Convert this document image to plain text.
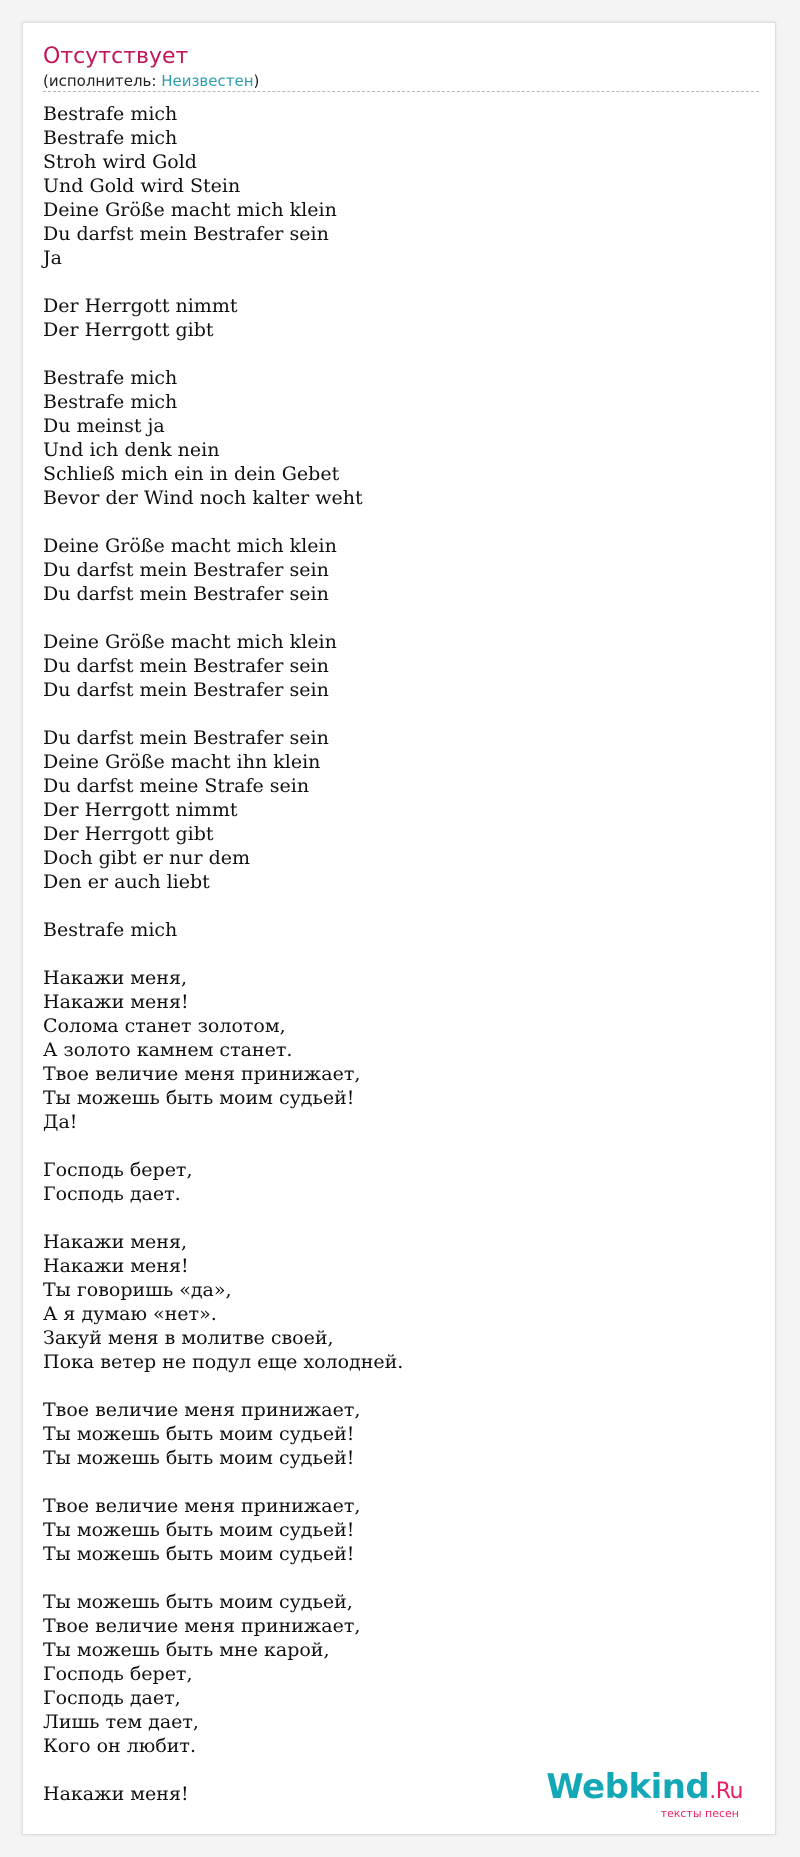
Отсутствует
(исполнитель: Неизвестен)
Bestrafe mich
Bestrafe mich
Stroh wird Gold
Und Gold wird Stein
Deine Größe macht mich klein
Du darfst mein Bestrafer sein
Ja
Der Herrgott nimmt
Der Herrgott gibt
Bestrafe mich
Bestrafe mich
Du meinst ja
Und ich denk nein
Schließ mich ein in dein Gebet
Bevor der Wind noch kalter weht
Deine Größe macht mich klein
Du darfst mein Bestrafer sein
Du darfst mein Bestrafer sein
Deine Größe macht mich klein
Du darfst mein Bestrafer sein
Du darfst mein Bestrafer sein
Du darfst mein Bestrafer sein
Deine Größe macht ihn klein
Du darfst meine Strafe sein
Der Herrgott nimmt
Der Herrgott gibt
Doch gibt er nur dem
Den er auch liebt
Bestrafe mich
Накажи меня,
Накажи меня!
Солома станет золотом,
А золото камнем станет.
Твое величие меня принижает,
Ты можешь быть моим судьей!
Да!
Господь берет,
Господь дает.
Накажи меня,
Накажи меня!
Ты говоришь «да»,
А я думаю «нет».
Закуй меня в молитве своей,
Пока ветер не подул еще холодней.
Твое величие меня принижает,
Ты можешь быть моим судьей!
Ты можешь быть моим судьей!
Твое величие меня принижает,
Ты можешь быть моим судьей!
Ты можешь быть моим судьей!
Ты можешь быть моим судьей,
Твое величие меня принижает,
Ты можешь быть мне карой,
Господь берет,
Господь дает,
Лишь тем дает,
Кого он любит.
Накажи меня!	Webkind.Ru
тексты песен
